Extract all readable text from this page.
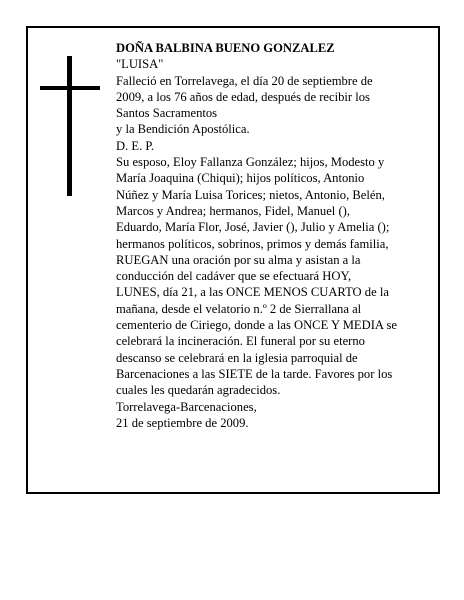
DOÑA BALBINA BUENO GONZALEZ
"LUISA"
Falleció en Torrelavega, el día 20 de septiembre de
2009, a los 76 años de edad, después de recibir los
Santos Sacramentos
y la Bendición Apostólica.
D. E. P.
Su esposo, Eloy Fallanza González; hijos, Modesto y
María Joaquina (Chiqui); hijos políticos, Antonio
Núñez y María Luisa Torices; nietos, Antonio, Belén,
Marcos y Andrea; hermanos, Fidel, Manuel (),
Eduardo, María Flor, José, Javier (), Julio y Amelia ();
hermanos políticos, sobrinos, primos y demás familia,
RUEGAN una oración por su alma y asistan a la
conducción del cadáver que se efectuará HOY,
LUNES, día 21, a las ONCE MENOS CUARTO de la
mañana, desde el velatorio n.º 2 de Sierrallana al
cementerio de Ciriego, donde a las ONCE Y MEDIA se
celebrará la incineración. El funeral por su eterno
descanso se celebrará en la iglesia parroquial de
Barcenaciones a las SIETE de la tarde. Favores por los
cuales les quedarán agradecidos.
Torrelavega-Barcenaciones,
21 de septiembre de 2009.
